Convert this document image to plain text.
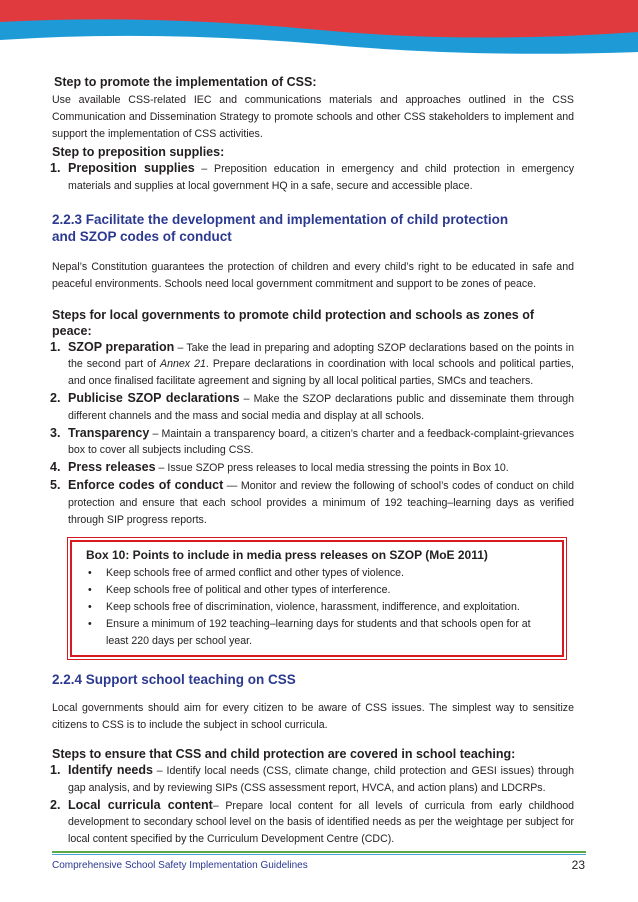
Step to promote the implementation of CSS:

Use available CSS-related IEC and communications materials and approaches outlined in the CSS Communication and Dissemination Strategy to promote schools and other CSS stakeholders to implement and support the implementation of CSS activities.

Step to preposition supplies:

1. Preposition supplies – Preposition education in emergency and child protection in emergency materials and supplies at local government HQ in a safe, secure and accessible place.

2.2.3 Facilitate the development and implementation of child protection and SZOP codes of conduct

Nepal’s Constitution guarantees the protection of children and every child’s right to be educated in safe and peaceful environments. Schools need local government commitment and support to be zones of peace.

Steps for local governments to promote child protection and schools as zones of peace:

1. SZOP preparation – Take the lead in preparing and adopting SZOP declarations based on the points in the second part of Annex 21. Prepare declarations in coordination with local schools and political parties, and once finalised facilitate agreement and signing by all local political parties, SMCs and teachers.
2. Publicise SZOP declarations – Make the SZOP declarations public and disseminate them through different channels and the mass and social media and display at all schools.
3. Transparency – Maintain a transparency board, a citizen’s charter and a feedback-complaint-grievances box to cover all subjects including CSS.
4. Press releases – Issue SZOP press releases to local media stressing the points in Box 10.
5. Enforce codes of conduct — Monitor and review the following of school’s codes of conduct on child protection and ensure that each school provides a minimum of 192 teaching–learning days as verified through SIP progress reports.

Box 10: Points to include in media press releases on SZOP (MoE 2011)

• Keep schools free of armed conflict and other types of violence.
• Keep schools free of political and other types of interference.
• Keep schools free of discrimination, violence, harassment, indifference, and exploitation.
• Ensure a minimum of 192 teaching–learning days for students and that schools open for at least 220 days per school year.

2.2.4 Support school teaching on CSS

Local governments should aim for every citizen to be aware of CSS issues. The simplest way to sensitize citizens to CSS is to include the subject in school curricula.

Steps to ensure that CSS and child protection are covered in school teaching:

1. Identify needs – Identify local needs (CSS, climate change, child protection and GESI issues) through gap analysis, and by reviewing SIPs (CSS assessment report, HVCA, and action plans) and LDCRPs.
2. Local curricula content– Prepare local content for all levels of curricula from early childhood development to secondary school level on the basis of identified needs as per the weightage per subject for local content specified by the Curriculum Development Centre (CDC).
Comprehensive School Safety Implementation Guidelines	23
